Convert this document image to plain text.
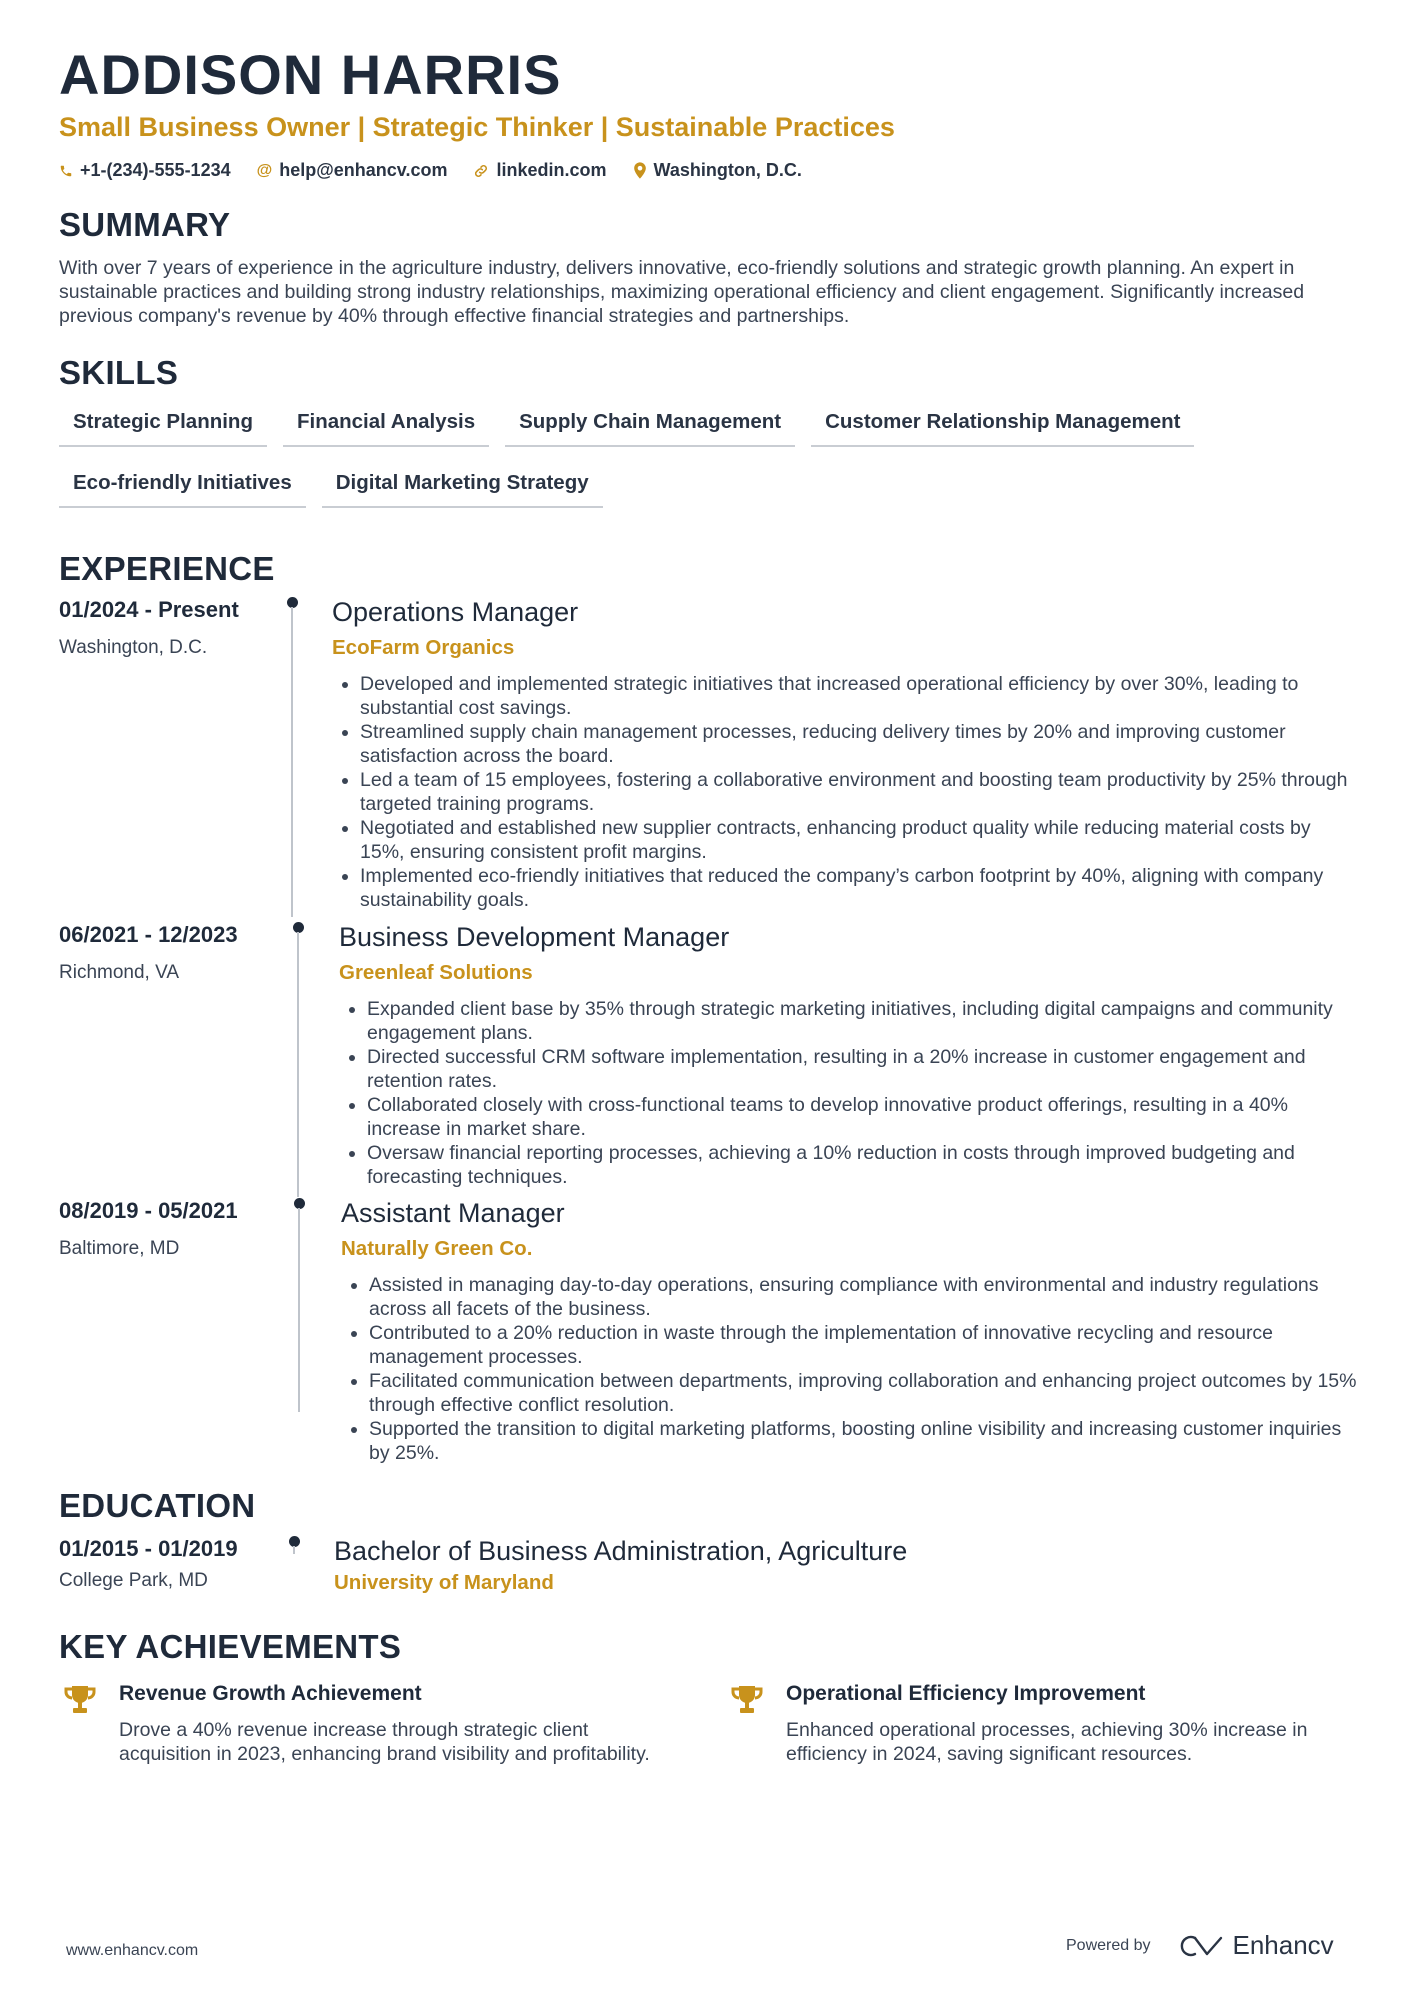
ADDISON HARRIS
Small Business Owner | Strategic Thinker | Sustainable Practices
+1-(234)-555-1234 @ help@enhancv.com	linkedin.com	Washington, D.C.
SUMMARY
With over 7 years of experience in the agriculture industry, delivers innovative, eco-friendly solutions and strategic growth planning. An expert in sustainable practices and building strong industry relationships, maximizing operational efficiency and client engagement. Significantly increased previous company's revenue by 40% through effective financial strategies and partnerships.
SKILLS
Strategic Planning	Financial Analysis	Supply Chain Management	Customer Relationship Management
Eco-friendly Initiatives	Digital Marketing Strategy
EXPERIENCE
01/2024 - Present
Washington, D.C.
Operations Manager
EcoFarm Organics
• Developed and implemented strategic initiatives that increased operational efficiency by over 30%, leading to substantial cost savings.
• Streamlined supply chain management processes, reducing delivery times by 20% and improving customer satisfaction across the board.
• Led a team of 15 employees, fostering a collaborative environment and boosting team productivity by 25% through targeted training programs.
• Negotiated and established new supplier contracts, enhancing product quality while reducing material costs by 15%, ensuring consistent profit margins.
• Implemented eco-friendly initiatives that reduced the company’s carbon footprint by 40%, aligning with company sustainability goals.
06/2021 - 12/2023
Richmond, VA
Business Development Manager
Greenleaf Solutions
• Expanded client base by 35% through strategic marketing initiatives, including digital campaigns and community engagement plans.
• Directed successful CRM software implementation, resulting in a 20% increase in customer engagement and retention rates.
• Collaborated closely with cross-functional teams to develop innovative product offerings, resulting in a 40% increase in market share.
• Oversaw financial reporting processes, achieving a 10% reduction in costs through improved budgeting and forecasting techniques.
08/2019 - 05/2021
Baltimore, MD
Assistant Manager
Naturally Green Co.
• Assisted in managing day-to-day operations, ensuring compliance with environmental and industry regulations across all facets of the business.
• Contributed to a 20% reduction in waste through the implementation of innovative recycling and resource management processes.
• Facilitated communication between departments, improving collaboration and enhancing project outcomes by 15% through effective conflict resolution.
• Supported the transition to digital marketing platforms, boosting online visibility and increasing customer inquiries by 25%.
EDUCATION
01/2015 - 01/2019
College Park, MD
Bachelor of Business Administration, Agriculture
University of Maryland
KEY ACHIEVEMENTS
Revenue Growth Achievement
Drove a 40% revenue increase through strategic client acquisition in 2023, enhancing brand visibility and profitability.
Operational Efficiency Improvement
Enhanced operational processes, achieving 30% increase in efficiency in 2024, saving significant resources.
www.enhancv.com	Powered by	Enhancv
